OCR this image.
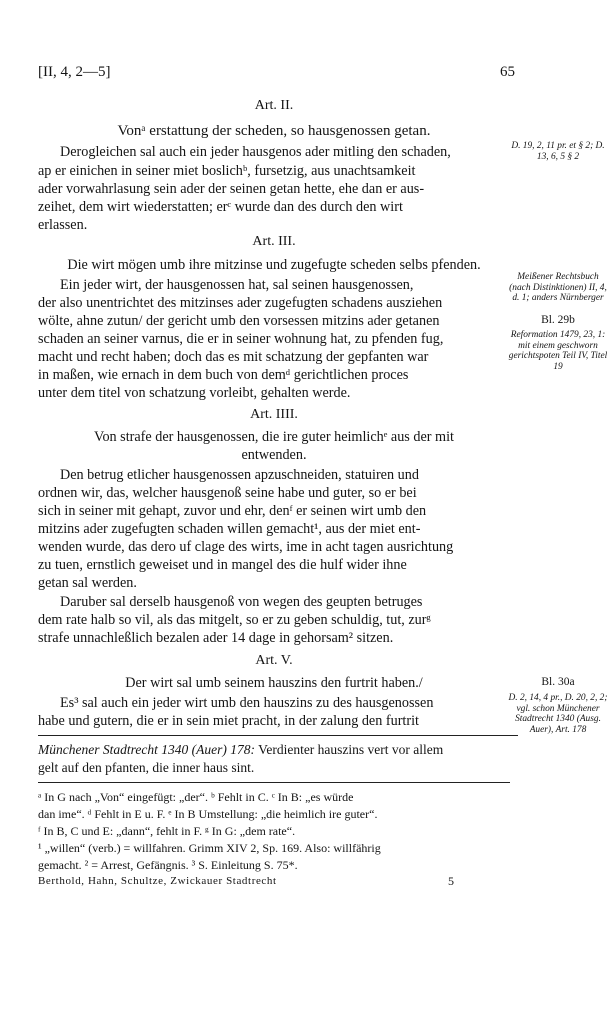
[II, 4, 2—5]	65
Art. II.
Vonᵃ erstattung der scheden, so hausgenossen getan.
Derogleichen sal auch ein jeder hausgenos ader mitling den schaden,
ap er einichen in seiner miet boslichᵇ, fursetzig, aus unachtsamkeit
ader vorwahrlasung sein ader der seinen getan hette, ehe dan er aus-
zeihet, dem wirt wiederstatten; erᶜ wurde dan des durch den wirt
erlassen.
D. 19, 2, 11 pr. et § 2; D. 13, 6, 5 § 2
Art. III.
Die wirt mögen umb ihre mitzinse und zugefugte scheden selbs pfenden.
Ein jeder wirt, der hausgenossen hat, sal seinen hausgenossen,
der also unentrichtet des mitzinses ader zugefugten schadens ausziehen
wölte, ahne zutun/ der gericht umb den vorsessen mitzins ader getanen
schaden an seiner varnus, die er in seiner wohnung hat, zu pfenden fug,
macht und recht haben; doch das es mit schatzung der gepfanten war
in maßen, wie ernach in dem buch von demᵈ gerichtlichen proces
unter dem titel von schatzung vorleibt, gehalten werde.
Meißener Rechtsbuch (nach Distinktionen) II, 4, d. 1; anders Nürnberger
Bl. 29b
Reformation 1479, 23, 1: mit einem geschworn gerichtspoten Teil IV, Titel 19
Art. IIII.
Von strafe der hausgenossen, die ire guter heimlichᵉ aus der mit
entwenden.
Den betrug etlicher hausgenossen apzuschneiden, statuiren und
ordnen wir, das, welcher hausgenoß seine habe und guter, so er bei
sich in seiner mit gehapt, zuvor und ehr, denᶠ er seinen wirt umb den
mitzins ader zugefugten schaden willen gemacht¹, aus der miet ent-
wenden wurde, das dero uf clage des wirts, ime in acht tagen ausrichtung
zu tuen, ernstlich geweiset und in mangel des die hulf wider ihne
getan sal werden.
Daruber sal derselb hausgenoß von wegen des geupten betruges
dem rate halb so vil, als das mitgelt, so er zu geben schuldig, tut, zurᵍ
strafe unnachleßlich bezalen ader 14 dage in gehorsam² sitzen.
Art. V.
Der wirt sal umb seinem hauszins den furtrit haben./
Es³ sal auch ein jeder wirt umb den hauszins zu des hausgenossen
habe und gutern, die er in sein miet pracht, in der zalung den furtrit
Bl. 30a
D. 2, 14, 4 pr., D. 20, 2, 2; vgl. schon Münchener Stadtrecht 1340 (Ausg. Auer), Art. 178
Münchener Stadtrecht 1340 (Auer) 178: Verdienter hauszins vert vor allem
gelt auf den pfanten, die inner haus sint.
ᵃ In G nach „Von“ eingefügt: „der“. ᵇ Fehlt in C. ᶜ In B: „es würde
dan ime“. ᵈ Fehlt in E u. F. ᵉ In B Umstellung: „die heimlich ire guter“.
ᶠ In B, C und E: „dann“, fehlt in F. ᵍ In G: „dem rate“.
¹ „willen“ (verb.) = willfahren. Grimm XIV 2, Sp. 169. Also: willfährig
gemacht. ² = Arrest, Gefängnis. ³ S. Einleitung S. 75*.
Berthold, Hahn, Schultze, Zwickauer Stadtrecht	5
